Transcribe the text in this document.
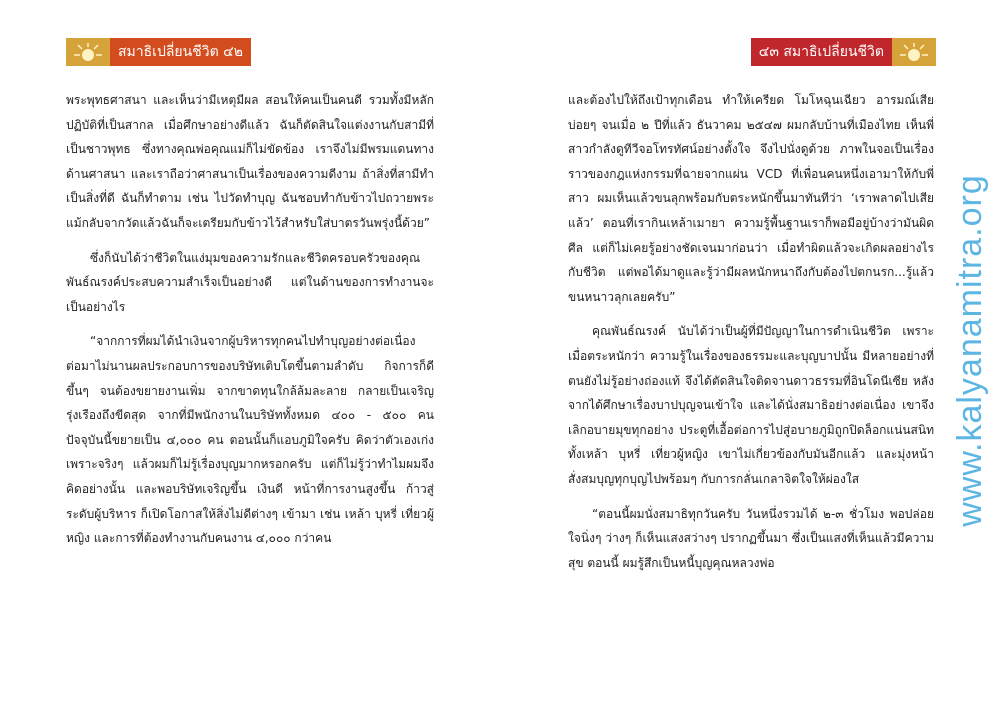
สมาธิเปลี่ยนชีวิต ๔๒

พระพุทธศาสนา และเห็นว่ามีเหตุมีผล สอนให้คนเป็นคนดี รวมทั้งมีหลักปฏิบัติที่เป็นสากล เมื่อศึกษาอย่างดีแล้ว ฉันก็ตัดสินใจแต่งงานกับสามีที่เป็นชาวพุทธ ซึ่งทางคุณพ่อคุณแม่ก็ไม่ขัดข้อง เราจึงไม่มีพรมแดนทางด้านศาสนา และเราถือว่าศาสนาเป็นเรื่องของความดีงาม ถ้าสิ่งที่สามีทำเป็นสิ่งที่ดี ฉันก็ทำตาม เช่น ไปวัดทำบุญ ฉันชอบทำกับข้าวไปถวายพระ แม้กลับจากวัดแล้วฉันก็จะเตรียมกับข้าวไว้สำหรับใส่บาตรวันพรุ่งนี้ด้วย”

ซึ่งก็นับได้ว่าชีวิตในแง่มุมของความรักและชีวิตครอบครัวของคุณพันธ์ณรงค์ประสบความสำเร็จเป็นอย่างดี แต่ในด้านของการทำงานจะเป็นอย่างไร

“จากการที่ผมได้นำเงินจากผู้บริหารทุกคนไปทำบุญอย่างต่อเนื่อง ต่อมาไม่นานผลประกอบการของบริษัทเติบโตขึ้นตามลำดับ กิจการก็ดีขึ้นๆ จนต้องขยายงานเพิ่ม จากขาดทุนใกล้ล้มละลาย กลายเป็นเจริญรุ่งเรืองถึงขีดสุด จากที่มีพนักงานในบริษัททั้งหมด ๔๐๐ - ๕๐๐ คน ปัจจุบันนี้ขยายเป็น ๔,๐๐๐ คน ตอนนั้นก็แอบภูมิใจครับ คิดว่าตัวเองเก่ง เพราะจริงๆ แล้วผมก็ไม่รู้เรื่องบุญมากหรอกครับ แต่ก็ไม่รู้ว่าทำไมผมจึงคิดอย่างนั้น และพอบริษัทเจริญขึ้น เงินดี หน้าที่การงานสูงขึ้น ก้าวสู่ระดับผู้บริหาร ก็เปิดโอกาสให้สิ่งไม่ดีต่างๆ เข้ามา เช่น เหล้า บุหรี่ เที่ยวผู้หญิง และการที่ต้องทำงานกับคนงาน ๔,๐๐๐ กว่าคน

๔๓ สมาธิเปลี่ยนชีวิต

และต้องไปให้ถึงเป้าทุกเดือน ทำให้เครียด โมโหฉุนเฉียว อารมณ์เสียบ่อยๆ จนเมื่อ ๒ ปีที่แล้ว ธันวาคม ๒๕๔๗ ผมกลับบ้านที่เมืองไทย เห็นพี่สาวกำลังดูทีวีจอโทรทัศน์อย่างตั้งใจ จึงไปนั่งดูด้วย ภาพในจอเป็นเรื่องราวของกฎแห่งกรรมที่ฉายจากแผ่น VCD ที่เพื่อนคนหนึ่งเอามาให้กับพี่สาว ผมเห็นแล้วขนลุกพร้อมกับตระหนักขึ้นมาทันทีว่า ‘เราพลาดไปเสียแล้ว’ ตอนที่เรากินเหล้าเมายา ความรู้พื้นฐานเราก็พอมีอยู่บ้างว่ามันผิดศีล แต่ก็ไม่เคยรู้อย่างชัดเจนมาก่อนว่า เมื่อทำผิดแล้วจะเกิดผลอย่างไรกับชีวิต แต่พอได้มาดูและรู้ว่ามีผลหนักหนาถึงกับต้องไปตกนรก...รู้แล้วขนหนาวลุกเลยครับ”

คุณพันธ์ณรงค์ นับได้ว่าเป็นผู้ที่มีปัญญาในการดำเนินชีวิต เพราะเมื่อตระหนักว่า ความรู้ในเรื่องของธรรมะและบุญบาปนั้น มีหลายอย่างที่ตนยังไม่รู้อย่างถ่องแท้ จึงได้ตัดสินใจติดจานดาวธรรมที่อินโดนีเซีย หลังจากได้ศึกษาเรื่องบาปบุญจนเข้าใจ และได้นั่งสมาธิอย่างต่อเนื่อง เขาจึงเลิกอบายมุขทุกอย่าง ประตูที่เอื้อต่อการไปสู่อบายภูมิถูกปิดล็อกแน่นสนิท ทั้งเหล้า บุหรี่ เที่ยวผู้หญิง เขาไม่เกี่ยวข้องกับมันอีกแล้ว และมุ่งหน้าสั่งสมบุญทุกบุญไปพร้อมๆ กับการกลั่นเกลาจิตใจให้ผ่องใส

“ตอนนี้ผมนั่งสมาธิทุกวันครับ วันหนึ่งรวมได้ ๒-๓ ชั่วโมง พอปล่อยใจนิ่งๆ ว่างๆ ก็เห็นแสงสว่างๆ ปรากฏขึ้นมา ซึ่งเป็นแสงที่เห็นแล้วมีความสุข ตอนนี้ ผมรู้สึกเป็นหนี้บุญคุณหลวงพ่อ

www.kalyanamitra.org
